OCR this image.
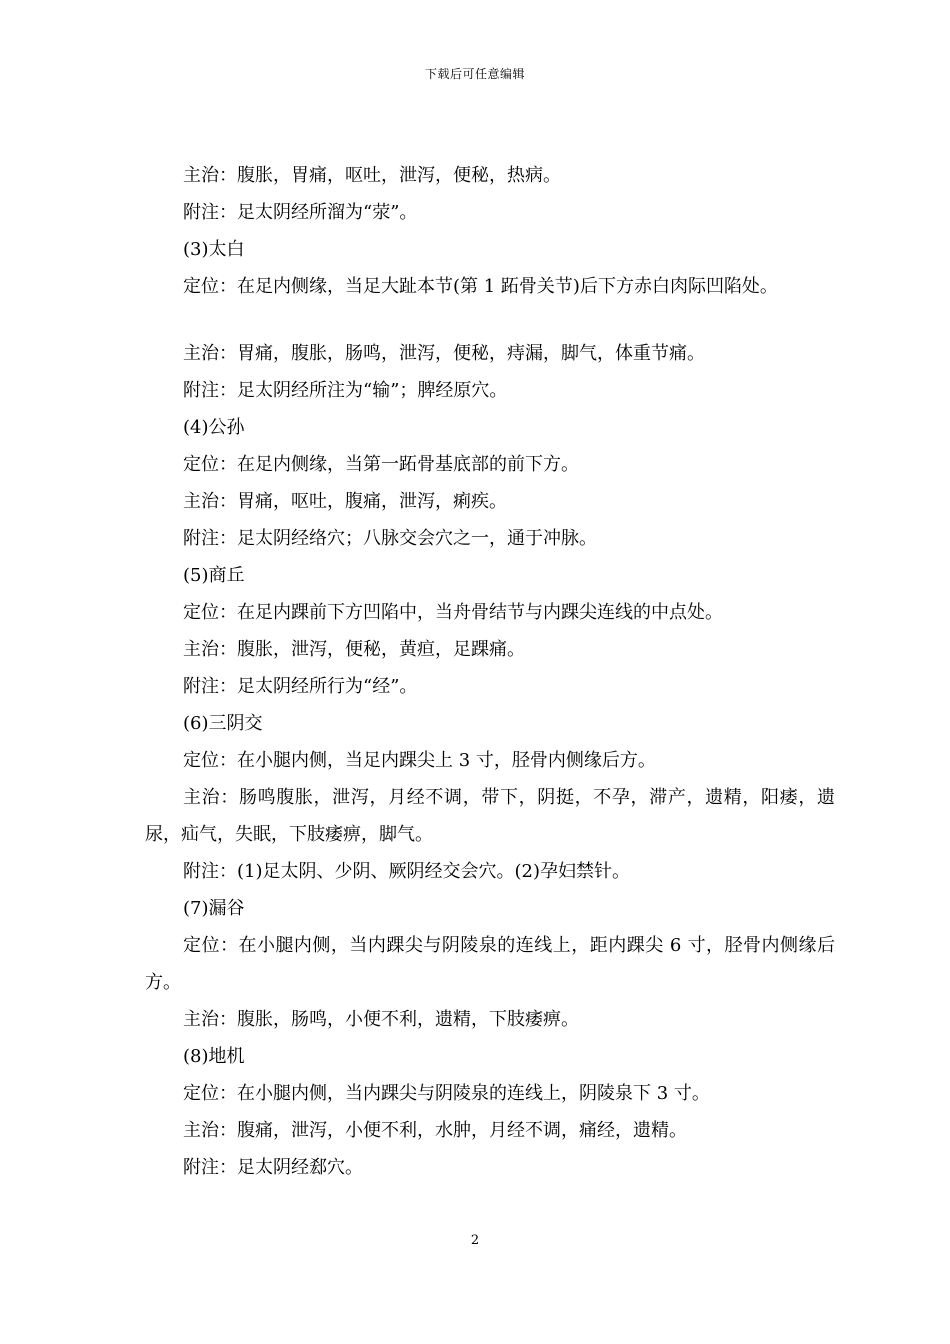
下载后可任意编辑

主治：腹胀，胃痛，呕吐，泄泻，便秘，热病。

附注：足太阴经所溜为“荥”。

(3)太白

定位：在足内侧缘，当足大趾本节(第 1 跖骨关节)后下方赤白肉际凹陷处。

主治：胃痛，腹胀，肠鸣，泄泻，便秘，痔漏，脚气，体重节痛。

附注：足太阴经所注为“输”；脾经原穴。

(4)公孙

定位：在足内侧缘，当第一跖骨基底部的前下方。

主治：胃痛，呕吐，腹痛，泄泻，痢疾。

附注：足太阴经络穴；八脉交会穴之一，通于冲脉。

(5)商丘

定位：在足内踝前下方凹陷中，当舟骨结节与内踝尖连线的中点处。

主治：腹胀，泄泻，便秘，黄疸，足踝痛。

附注：足太阴经所行为“经”。

(6)三阴交

定位：在小腿内侧，当足内踝尖上 3 寸，胫骨内侧缘后方。

主治：肠鸣腹胀，泄泻，月经不调，带下，阴挺，不孕，滞产，遗精，阳痿，遗尿，疝气，失眠，下肢痿痹，脚气。

附注：(1)足太阴、少阴、厥阴经交会穴。(2)孕妇禁针。

(7)漏谷

定位：在小腿内侧，当内踝尖与阴陵泉的连线上，距内踝尖 6 寸，胫骨内侧缘后方。

主治：腹胀，肠鸣，小便不利，遗精，下肢痿痹。

(8)地机

定位：在小腿内侧，当内踝尖与阴陵泉的连线上，阴陵泉下 3 寸。

主治：腹痛，泄泻，小便不利，水肿，月经不调，痛经，遗精。

附注：足太阴经郄穴。

2
